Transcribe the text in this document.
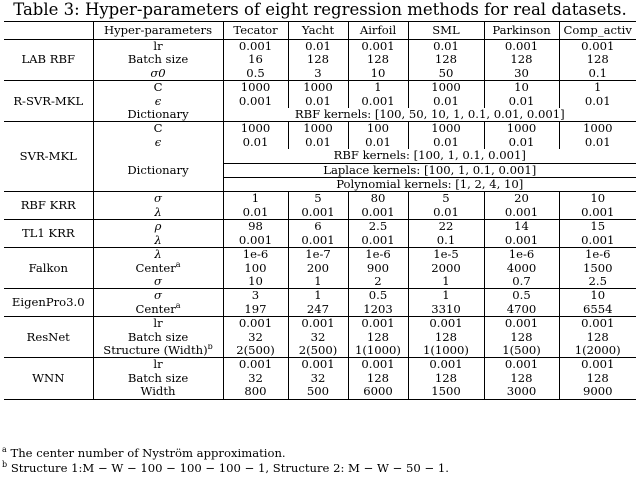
Table 3: Hyper-parameters of eight regression methods for real datasets.
	Hyper-parameters	Tecator	Yacht	Airfoil	SML	Parkinson	Comp_activ
LAB RBF	lr	0.001	0.01	0.001	0.01	0.001	0.001
	Batch size	16	128	128	128	128	128
	σ0	0.5	3	10	50	30	0.1
R-SVR-MKL	C	1000	1000	1	1000	10	1
	ϵ	0.001	0.01	0.001	0.01	0.01	0.01
	Dictionary	RBF kernels: [100, 50, 10, 1, 0.1, 0.01, 0.001]					
SVR-MKL	C	1000	1000	100	1000	1000	1000
	ϵ	0.01	0.01	0.01	0.01	0.01	0.01
	Dictionary	RBF kernels: [100, 1, 0.1, 0.001]					
		Laplace kernels: [100, 1, 0.1, 0.001]					
		Polynomial kernels: [1, 2, 4, 10]					
RBF KRR	σ	1	5	80	5	20	10
	λ	0.01	0.001	0.001	0.01	0.001	0.001
TL1 KRR	ρ	98	6	2.5	22	14	15
	λ	0.001	0.001	0.001	0.1	0.001	0.001
Falkon	λ	1e-6	1e-7	1e-6	1e-5	1e-6	1e-6
	Center$^a$	100	200	900	2000	4000	1500
	σ	10	1	2	1	0.7	2.5
EigenPro3.0	σ	3	1	0.5	1	0.5	10
	Center$^a$	197	247	1203	3310	4700	6554
ResNet	lr	0.001	0.001	0.001	0.001	0.001	0.001
	Batch size	32	32	128	128	128	128
	Structure (Width)$^b$	2(500)	2(500)	1(1000)	1(1000)	1(500)	1(2000)
WNN	lr	0.001	0.001	0.001	0.001	0.001	0.001
	Batch size	32	32	128	128	128	128
	Width	800	500	6000	1500	3000	9000
$^a$ The center number of Nyström approximation.
$^b$ Structure 1:M − W − 100 − 100 − 100 − 1, Structure 2: M − W − 50 − 1.
